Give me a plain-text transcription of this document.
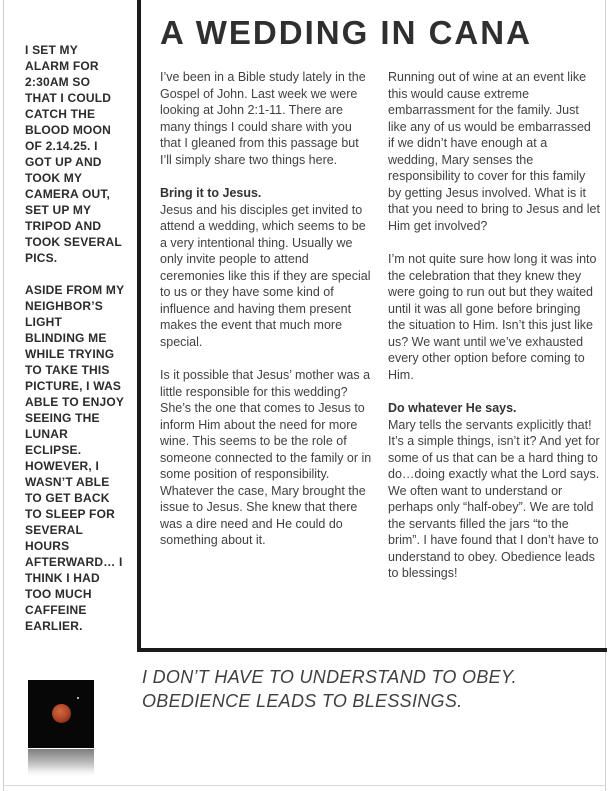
I SET MY ALARM FOR 2:30AM SO THAT I COULD CATCH THE BLOOD MOON OF 2.14.25. I GOT UP AND TOOK MY CAMERA OUT, SET UP MY TRIPOD AND TOOK SEVERAL PICS.

ASIDE FROM MY NEIGHBOR’S LIGHT BLINDING ME WHILE TRYING TO TAKE THIS PICTURE, I WAS ABLE TO ENJOY SEEING THE LUNAR ECLIPSE. HOWEVER, I WASN’T ABLE TO GET BACK TO SLEEP FOR SEVERAL HOURS AFTERWARD… I THINK I HAD TOO MUCH CAFFEINE EARLIER.

A WEDDING IN CANA

I’ve been in a Bible study lately in the Gospel of John. Last week we were looking at John 2:1-11. There are many things I could share with you that I gleaned from this passage but I’ll simply share two things here.

Bring it to Jesus.

Jesus and his disciples get invited to attend a wedding, which seems to be a very intentional thing. Usually we only invite people to attend ceremonies like this if they are special to us or they have some kind of influence and having them present makes the event that much more special.

Is it possible that Jesus’ mother was a little responsible for this wedding? She’s the one that comes to Jesus to inform Him about the need for more wine. This seems to be the role of someone connected to the family or in some position of responsibility. Whatever the case, Mary brought the issue to Jesus. She knew that there was a dire need and He could do something about it.

Running out of wine at an event like this would cause extreme embarrassment for the family. Just like any of us would be embarrassed if we didn’t have enough at a wedding, Mary senses the responsibility to cover for this family by getting Jesus involved. What is it that you need to bring to Jesus and let Him get involved?

I’m not quite sure how long it was into the celebration that they knew they were going to run out but they waited until it was all gone before bringing the situation to Him. Isn’t this just like us? We want until we’ve exhausted every other option before coming to Him.

Do whatever He says.

Mary tells the servants explicitly that! It’s a simple things, isn’t it? And yet for some of us that can be a hard thing to do…doing exactly what the Lord says. We often want to understand or perhaps only “half-obey”. We are told the servants filled the jars “to the brim”. I have found that I don’t have to understand to obey. Obedience leads to blessings!

I DON’T HAVE TO UNDERSTAND TO OBEY. OBEDIENCE LEADS TO BLESSINGS.
